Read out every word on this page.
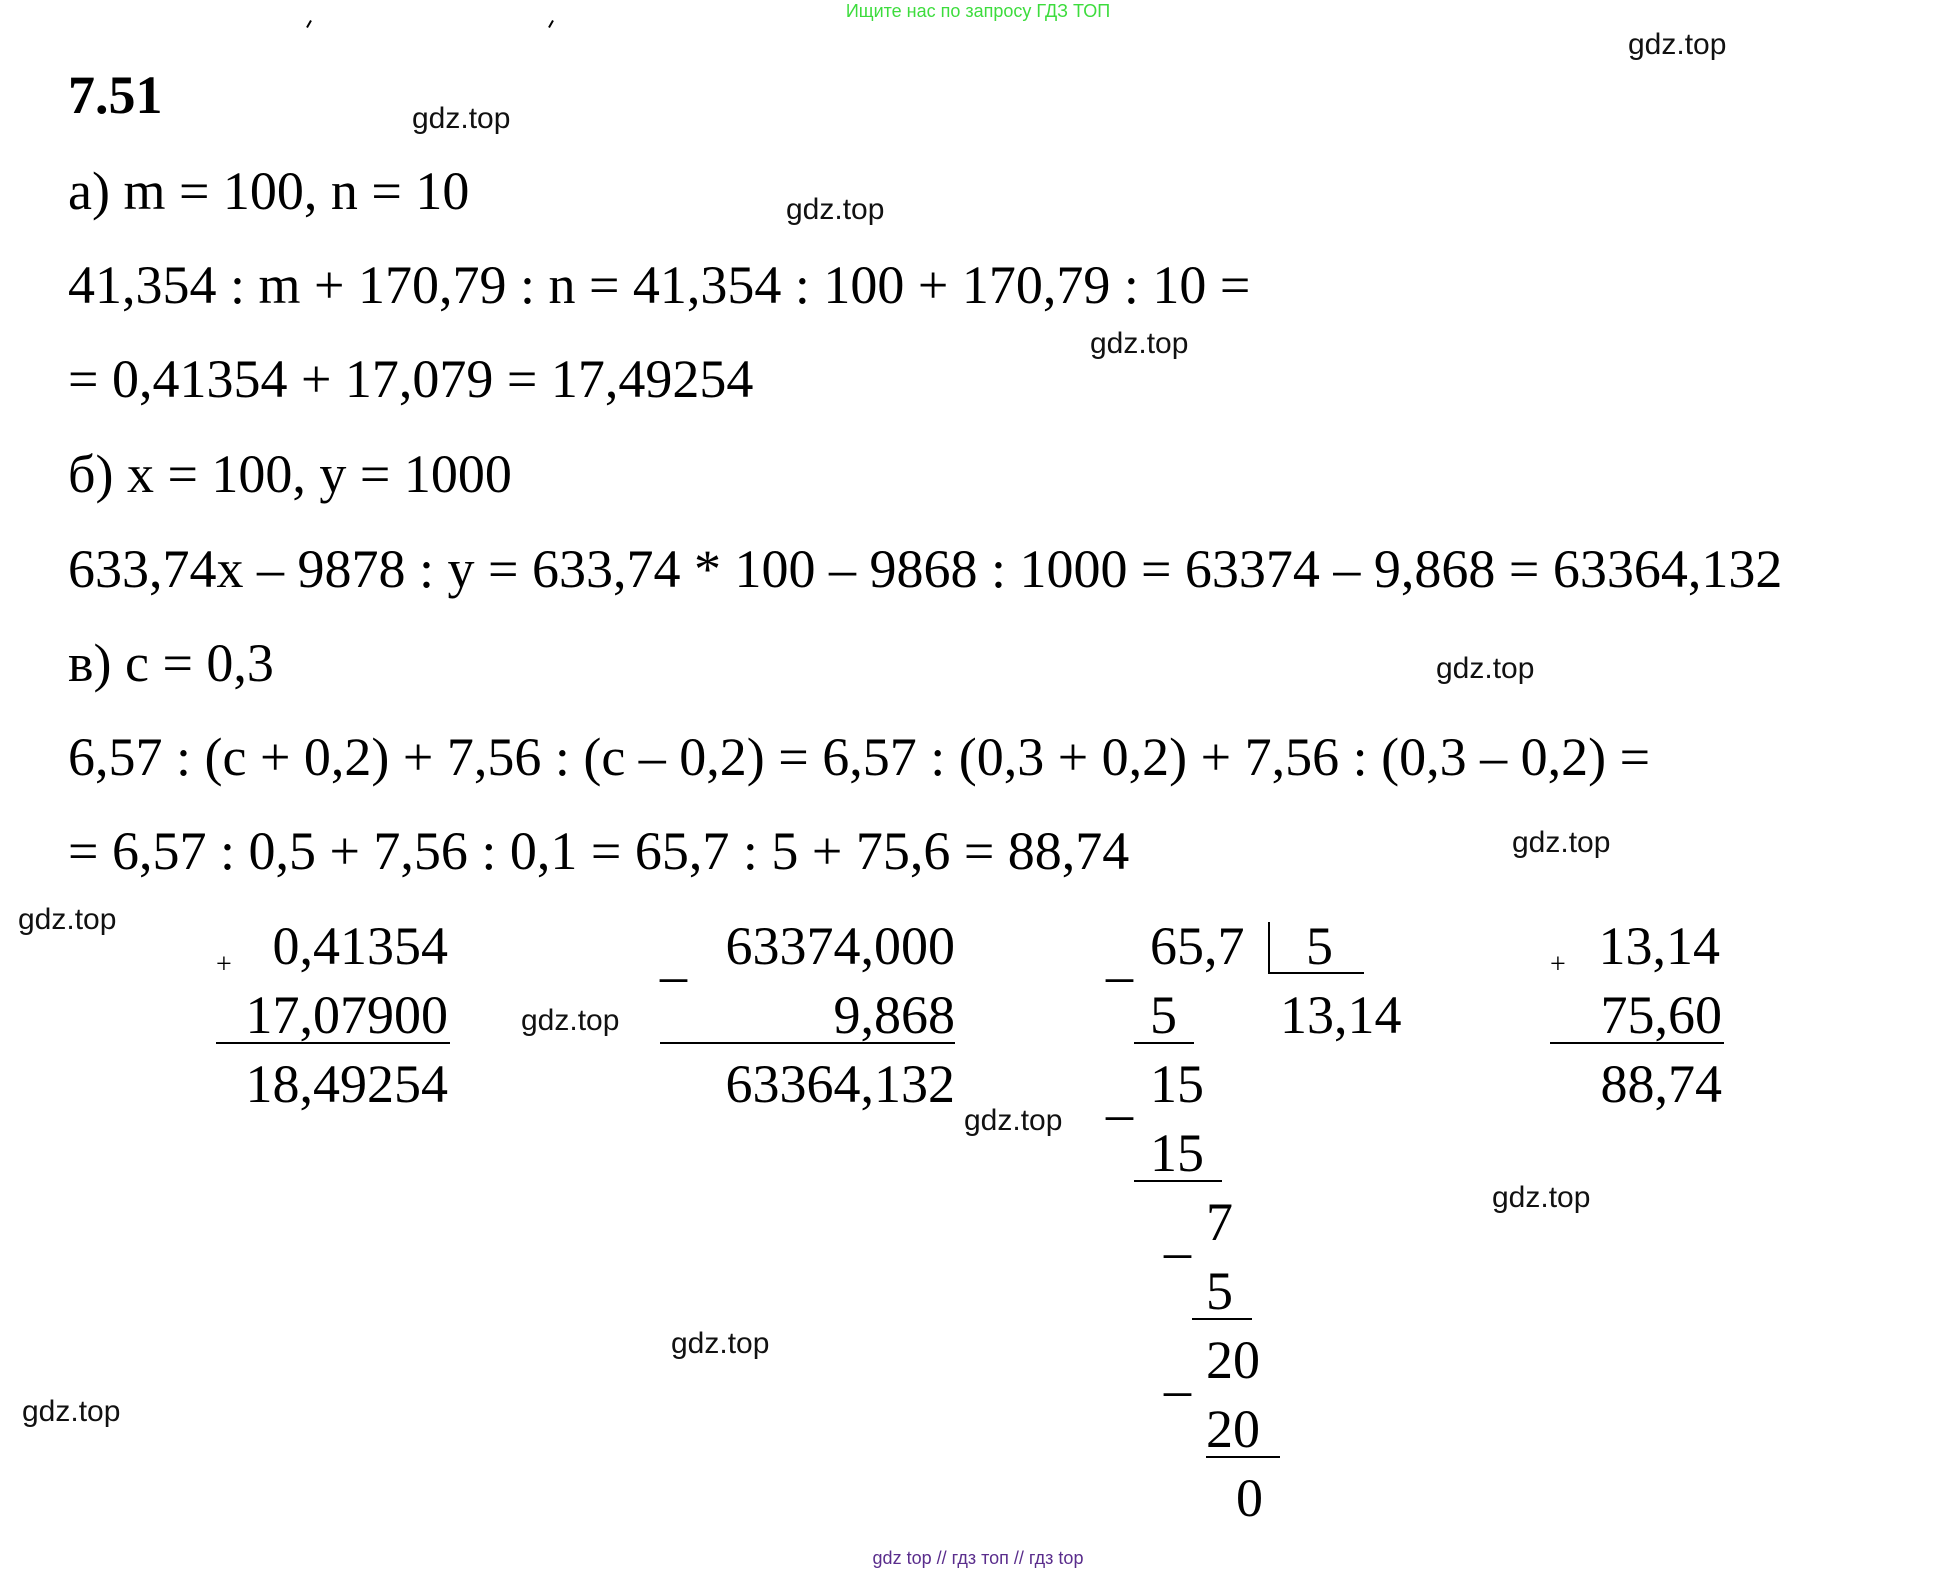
Ищите нас по запросу ГДЗ ТОП
gdz top // гдз топ // гдз top
gdz.top
gdz.top
gdz.top
gdz.top
gdz.top
gdz.top
gdz.top
gdz.top
gdz.top
gdz.top
gdz.top
gdz.top
7.51
а) m = 100, n = 10
41,354 : m + 170,79 : n = 41,354 : 100 + 170,79 : 10 =
= 0,41354 + 17,079 = 17,49254
б) x = 100, y = 1000
633,74x – 9878 : y = 633,74 * 100 – 9868 : 1000 = 63374 – 9,868 = 63364,132
в) c = 0,3
6,57 : (c + 0,2) + 7,56 : (c – 0,2) = 6,57 : (0,3 + 0,2) + 7,56 : (0,3 – 0,2) =
= 6,57 : 0,5 + 7,56 : 0,1 = 65,7 : 5 + 75,6 = 88,74
+ 0,41354
17,07900
18,49254
_ 63374,000
9,868
63364,132
_ 65,7 5
13,14
5
_ 15
15
_ 7
5
_ 20
20
0
+ 13,14
75,60
88,74
